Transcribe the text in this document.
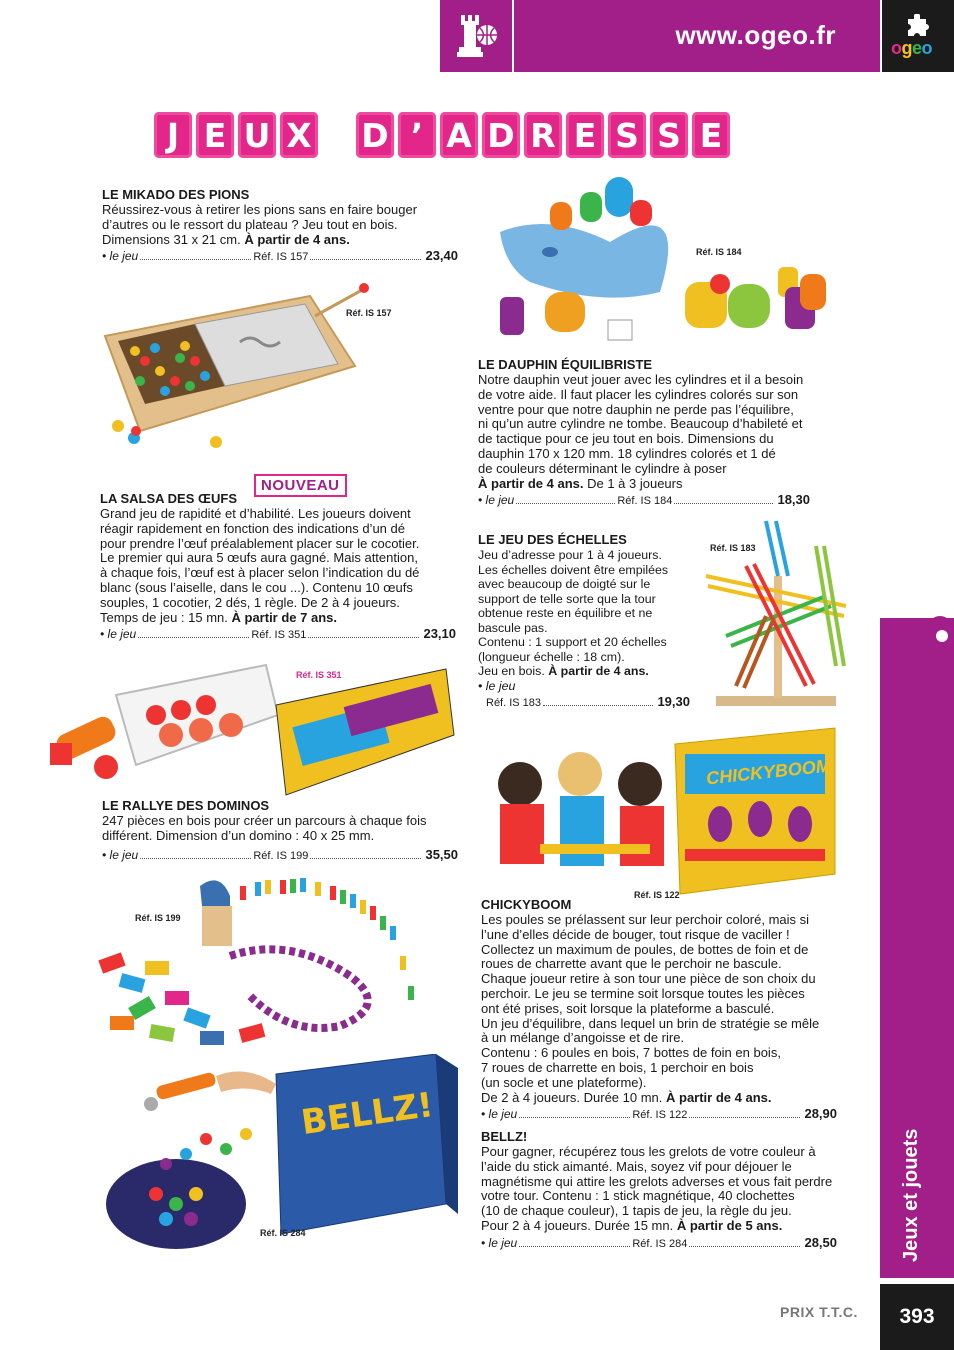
www.ogeo.fr	ogeo
J E U X D ’ A D R E S S E
LE MIKADO DES PIONS

Réussirez-vous à retirer les pions sans en faire bouger
d’autres ou le ressort du plateau ? Jeu tout en bois.
Dimensions 31 x 21 cm. À partir de 4 ans.

• le jeu	Réf. IS 157	23,40
Réf. IS 157
Réf. IS 184
LE DAUPHIN ÉQUILIBRISTE

Notre dauphin veut jouer avec les cylindres et il a besoin
de votre aide. Il faut placer les cylindres colorés sur son
ventre pour que notre dauphin ne perde pas l’équilibre,
ni qu’un autre cylindre ne tombe. Beaucoup d’habileté et
de tactique pour ce jeu tout en bois. Dimensions du
dauphin 170 x 120 mm. 18 cylindres colorés et 1 dé
de couleurs déterminant le cylindre à poser
À partir de 4 ans. De 1 à 3 joueurs

• le jeu	Réf. IS 184	18,30
NOUVEAU
LA SALSA DES ŒUFS

Grand jeu de rapidité et d’habilité. Les joueurs doivent
réagir rapidement en fonction des indications d’un dé
pour prendre l’œuf préalablement placer sur le cocotier.
Le premier qui aura 5 œufs aura gagné. Mais attention,
à chaque fois, l’œuf est à placer selon l’indication du dé
blanc (sous l’aiselle, dans le cou ...). Contenu 10 œufs
souples, 1 cocotier, 2 dés, 1 règle. De 2 à 4 joueurs.
Temps de jeu : 15 mn. À partir de 7 ans.

• le jeu	Réf. IS 351	23,10
Réf. IS 351
LE JEU DES ÉCHELLES

Jeu d’adresse pour 1 à 4 joueurs.
Les échelles doivent être empilées
avec beaucoup de doigté sur le
support de telle sorte que la tour
obtenue reste en équilibre et ne
bascule pas.
Contenu : 1 support et 20 échelles
(longueur échelle : 18 cm).
Jeu en bois. À partir de 4 ans.
• le jeu

Réf. IS 183	19,30
Réf. IS 183
LE RALLYE DES DOMINOS

247 pièces en bois pour créer un parcours à chaque fois
différent. Dimension d’un domino : 40 x 25 mm.

• le jeu	Réf. IS 199	35,50
Réf. IS 199
CHICKYBOOM
Réf. IS 122
CHICKYBOOM

Les poules se prélassent sur leur perchoir coloré, mais si
l’une d’elles décide de bouger, tout risque de vaciller !
Collectez un maximum de poules, de bottes de foin et de
roues de charrette avant que le perchoir ne bascule.
Chaque joueur retire à son tour une pièce de son choix du
perchoir. Le jeu se termine soit lorsque toutes les pièces
ont été prises, soit lorsque la plateforme a basculé.
Un jeu d’équilibre, dans lequel un brin de stratégie se mêle
à un mélange d’angoisse et de rire.
Contenu : 6 poules en bois, 7 bottes de foin en bois,
7 roues de charrette en bois, 1 perchoir en bois
(un socle et une plateforme).
De 2 à 4 joueurs. Durée 10 mn. À partir de 4 ans.

• le jeu	Réf. IS 122	28,90
BELLZ!
Réf. IS 284
BELLZ!

Pour gagner, récupérez tous les grelots de votre couleur à
l’aide du stick aimanté. Mais, soyez vif pour déjouer le
magnétisme qui attire les grelots adverses et vous fait perdre
votre tour. Contenu : 1 stick magnétique, 40 clochettes
(10 de chaque couleur), 1 tapis de jeu, la règle du jeu.
Pour 2 à 4 joueurs. Durée 15 mn. À partir de 5 ans.

• le jeu	Réf. IS 284	28,50	Jeux et jouets
PRIX T.T.C.	393
